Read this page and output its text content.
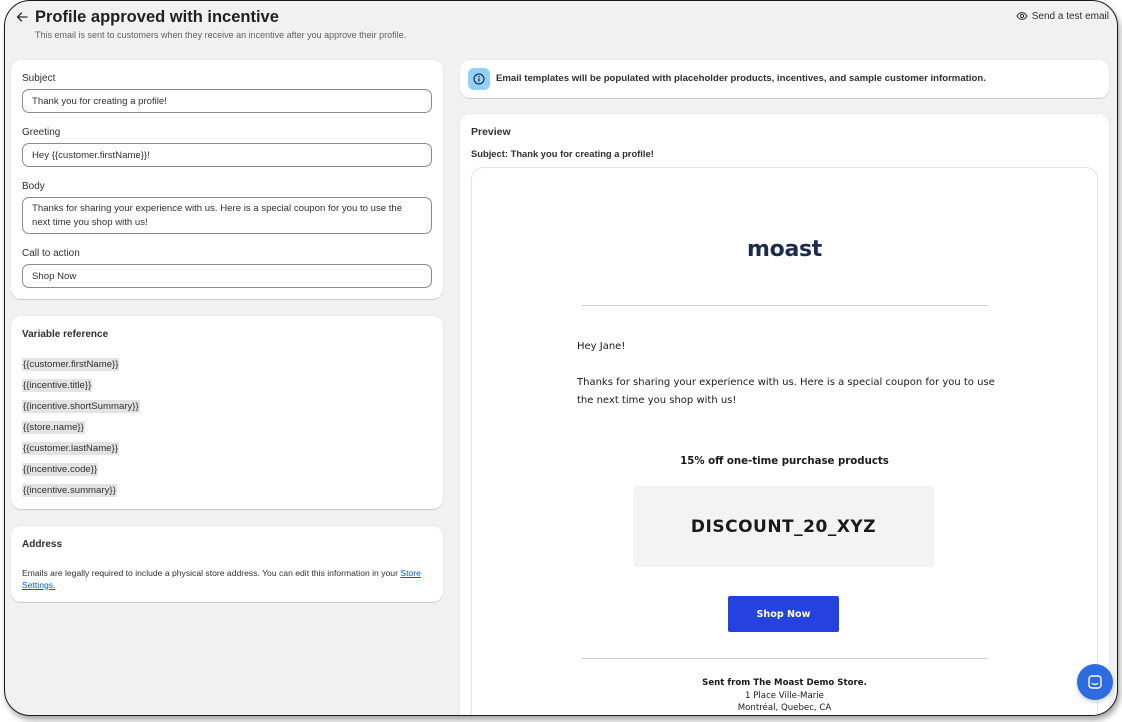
Profile approved with incentive
This email is sent to customers when they receive an incentive after you approve their profile.
Send a test email
Subject
Thank you for creating a profile!
Greeting
Hey {{customer.firstName}}!
Body
Thanks for sharing your experience with us. Here is a special coupon for you to use the next time you shop with us!
Call to action
Shop Now
Variable reference
{{customer.firstName}}
{{incentive.title}}
{{incentive.shortSummary}}
{{store.name}}
{{customer.lastName}}
{{incentive.code}}
{{incentive.summary}}
Address
Emails are legally required to include a physical store address. You can edit this information in your Store Settings.
Email templates will be populated with placeholder products, incentives, and sample customer information.
Preview
Subject: Thank you for creating a profile!
moast
Hey Jane!
Thanks for sharing your experience with us. Here is a special coupon for you to use the next time you shop with us!
15% off one-time purchase products
DISCOUNT_20_XYZ
Shop Now
Sent from The Moast Demo Store.
1 Place Ville-Marie
Montréal, Quebec, CA
